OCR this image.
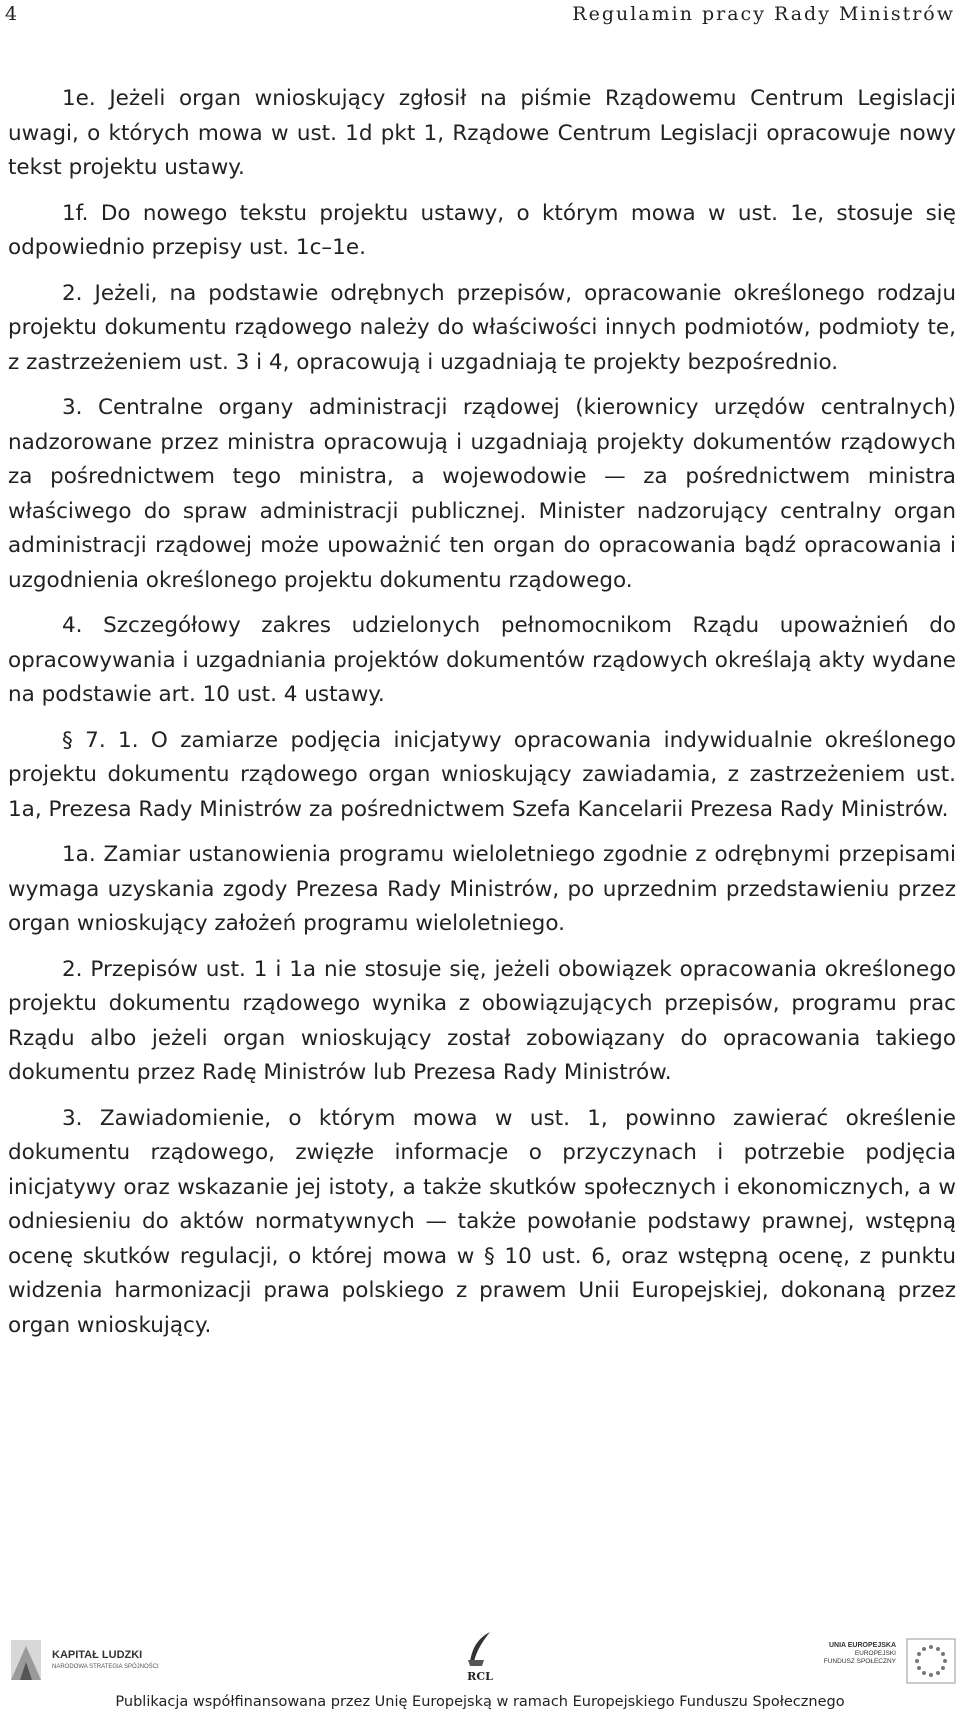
4	Regulamin pracy Rady Ministrów

1e. Jeżeli organ wnioskujący zgłosił na piśmie Rządowemu Centrum Legislacji uwagi, o których mowa w ust. 1d pkt 1, Rządowe Centrum Legislacji opracowuje nowy tekst projektu ustawy.

1f. Do nowego tekstu projektu ustawy, o którym mowa w ust. 1e, stosuje się odpowiednio przepisy ust. 1c–1e.

2. Jeżeli, na podstawie odrębnych przepisów, opracowanie określonego rodzaju projektu dokumentu rządowego należy do właściwości innych podmiotów, podmioty te, z zastrzeżeniem ust. 3 i 4, opracowują i uzgadniają te projekty bezpośrednio.

3. Centralne organy administracji rządowej (kierownicy urzędów centralnych) nadzorowane przez ministra opracowują i uzgadniają projekty dokumentów rządowych za pośrednictwem tego ministra, a wojewodowie — za pośrednictwem ministra właściwego do spraw administracji publicznej. Minister nadzorujący centralny organ administracji rządowej może upoważnić ten organ do opracowania bądź opracowania i uzgodnienia określonego projektu dokumentu rządowego.

4. Szczegółowy zakres udzielonych pełnomocnikom Rządu upoważnień do opracowywania i uzgadniania projektów dokumentów rządowych określają akty wydane na podstawie art. 10 ust. 4 ustawy.

§ 7. 1. O zamiarze podjęcia inicjatywy opracowania indywidualnie określonego projektu dokumentu rządowego organ wnioskujący zawiadamia, z zastrzeżeniem ust. 1a, Prezesa Rady Ministrów za pośrednictwem Szefa Kancelarii Prezesa Rady Ministrów.

1a. Zamiar ustanowienia programu wieloletniego zgodnie z odrębnymi przepisami wymaga uzyskania zgody Prezesa Rady Ministrów, po uprzednim przedstawieniu przez organ wnioskujący założeń programu wieloletniego.

2. Przepisów ust. 1 i 1a nie stosuje się, jeżeli obowiązek opracowania określonego projektu dokumentu rządowego wynika z obowiązujących przepisów, programu prac Rządu albo jeżeli organ wnioskujący został zobowiązany do opracowania takiego dokumentu przez Radę Ministrów lub Prezesa Rady Ministrów.

3. Zawiadomienie, o którym mowa w ust. 1, powinno zawierać określenie dokumentu rządowego, zwięzłe informacje o przyczynach i potrzebie podjęcia inicjatywy oraz wskazanie jej istoty, a także skutków społecznych i ekonomicznych, a w odniesieniu do aktów normatywnych — także powołanie podstawy prawnej, wstępną ocenę skutków regulacji, o której mowa w § 10 ust. 6, oraz wstępną ocenę, z punktu widzenia harmonizacji prawa polskiego z prawem Unii Europejskiej, dokonaną przez organ wnioskujący.

KAPITAŁ LUDZKI
NARODOWA STRATEGIA SPÓJNOŚCI
RCL
UNIA EUROPEJSKA
EUROPEJSKI
FUNDUSZ SPOŁECZNY
Publikacja współfinansowana przez Unię Europejską w ramach Europejskiego Funduszu Społecznego
